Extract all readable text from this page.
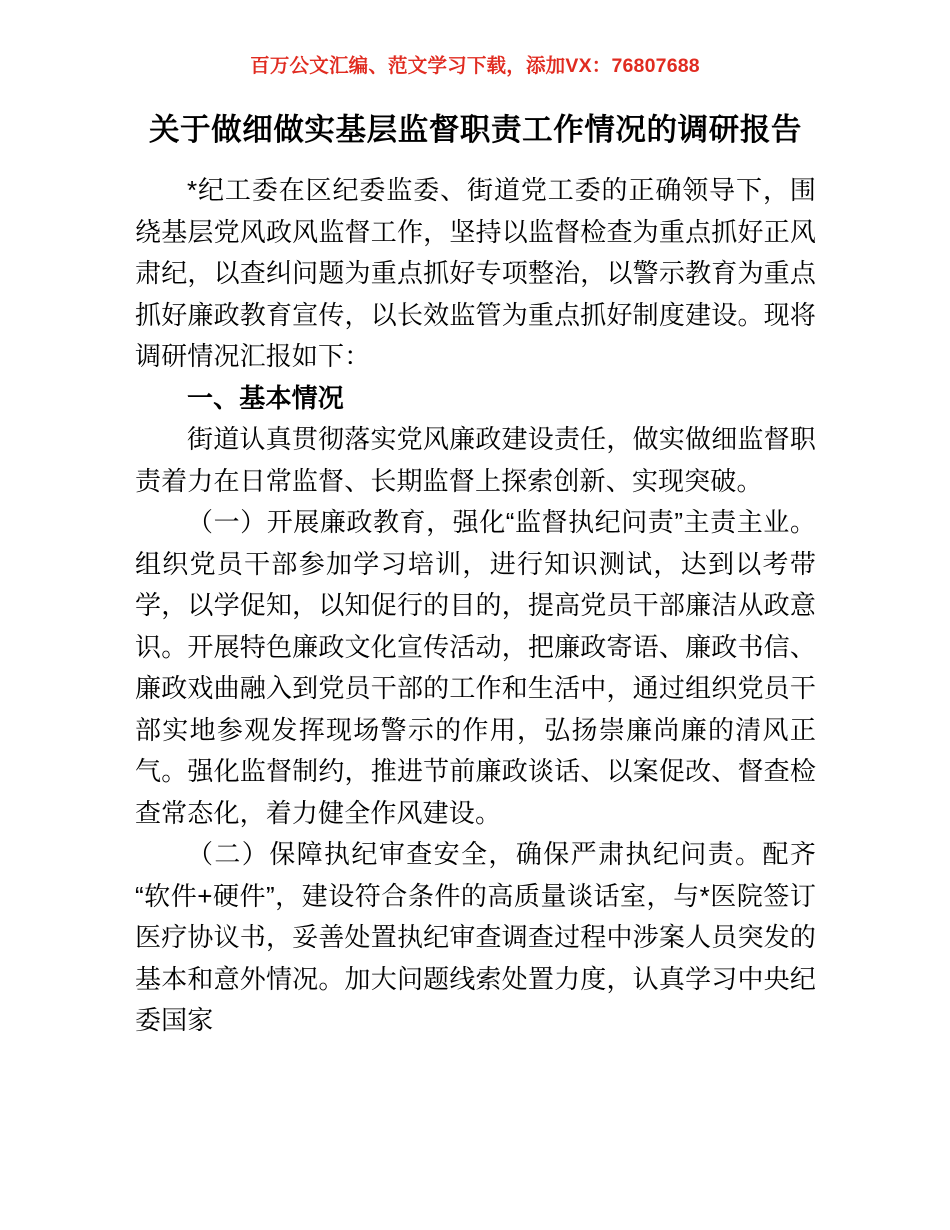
百万公文汇编、范文学习下载，添加VX：76807688
关于做细做实基层监督职责工作情况的调研报告

*纪工委在区纪委监委、街道党工委的正确领导下，围绕基层党风政风监督工作，坚持以监督检查为重点抓好正风肃纪，以查纠问题为重点抓好专项整治，以警示教育为重点抓好廉政教育宣传，以长效监管为重点抓好制度建设。现将调研情况汇报如下：

一、基本情况

街道认真贯彻落实党风廉政建设责任，做实做细监督职责着力在日常监督、长期监督上探索创新、实现突破。

（一）开展廉政教育，强化“监督执纪问责”主责主业。组织党员干部参加学习培训，进行知识测试，达到以考带学，以学促知，以知促行的目的，提高党员干部廉洁从政意识。开展特色廉政文化宣传活动，把廉政寄语、廉政书信、廉政戏曲融入到党员干部的工作和生活中，通过组织党员干部实地参观发挥现场警示的作用，弘扬崇廉尚廉的清风正气。强化监督制约，推进节前廉政谈话、以案促改、督查检查常态化，着力健全作风建设。

（二）保障执纪审查安全，确保严肃执纪问责。配齐“软件+硬件”，建设符合条件的高质量谈话室，与*医院签订医疗协议书，妥善处置执纪审查调查过程中涉案人员突发的基本和意外情况。加大问题线索处置力度，认真学习中央纪委国家
